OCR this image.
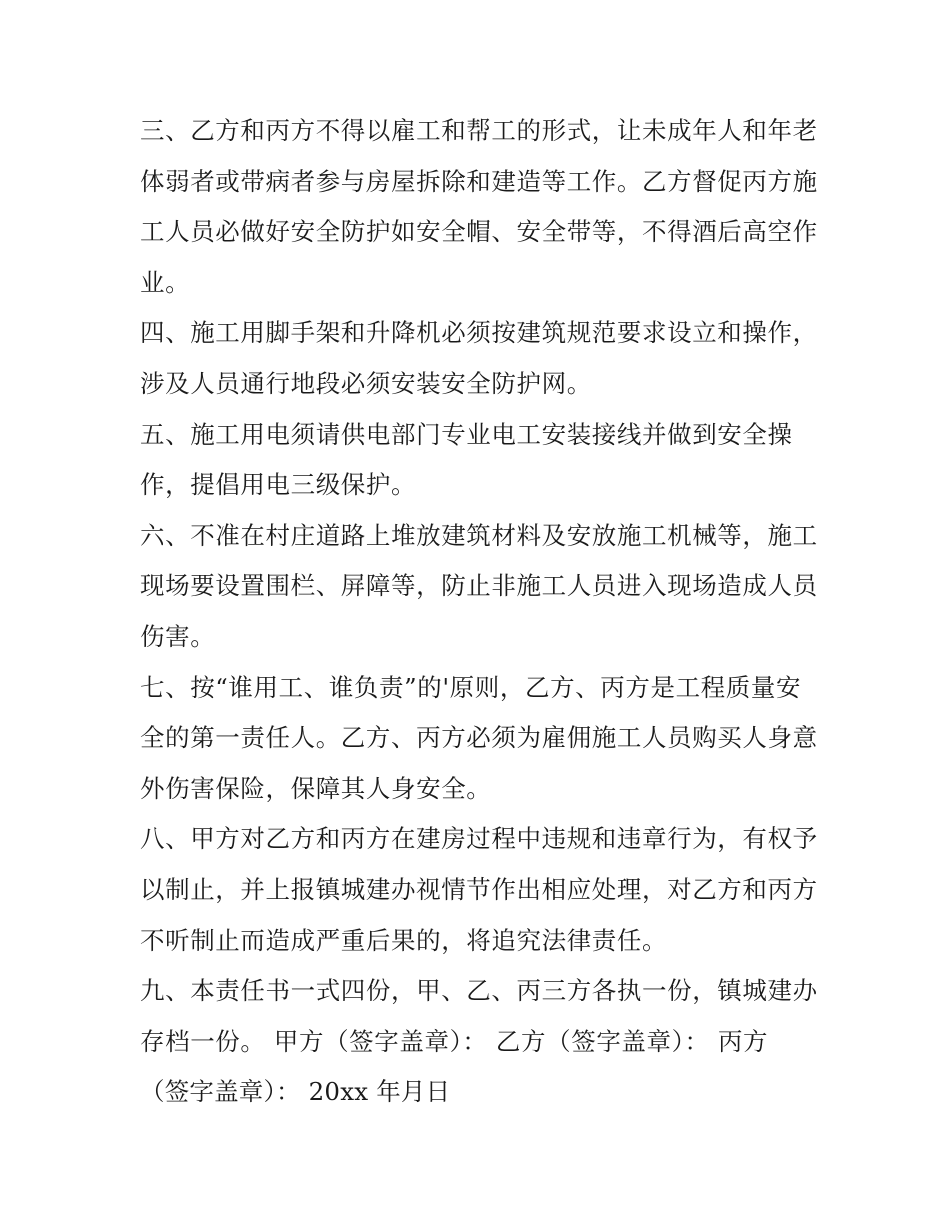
三、乙方和丙方不得以雇工和帮工的形式，让未成年人和年老
体弱者或带病者参与房屋拆除和建造等工作。乙方督促丙方施
工人员必做好安全防护如安全帽、安全带等，不得酒后高空作
业。

四、施工用脚手架和升降机必须按建筑规范要求设立和操作，
涉及人员通行地段必须安装安全防护网。

五、施工用电须请供电部门专业电工安装接线并做到安全操
作，提倡用电三级保护。

六、不准在村庄道路上堆放建筑材料及安放施工机械等，施工
现场要设置围栏、屏障等，防止非施工人员进入现场造成人员
伤害。

七、按“谁用工、谁负责”的'原则，乙方、丙方是工程质量安
全的第一责任人。乙方、丙方必须为雇佣施工人员购买人身意
外伤害保险，保障其人身安全。

八、甲方对乙方和丙方在建房过程中违规和违章行为，有权予
以制止，并上报镇城建办视情节作出相应处理，对乙方和丙方
不听制止而造成严重后果的，将追究法律责任。

九、本责任书一式四份，甲、乙、丙三方各执一份，镇城建办
存档一份。 甲方（签字盖章）： 乙方（签字盖章）： 丙方
（签字盖章）： 20xx 年月日
